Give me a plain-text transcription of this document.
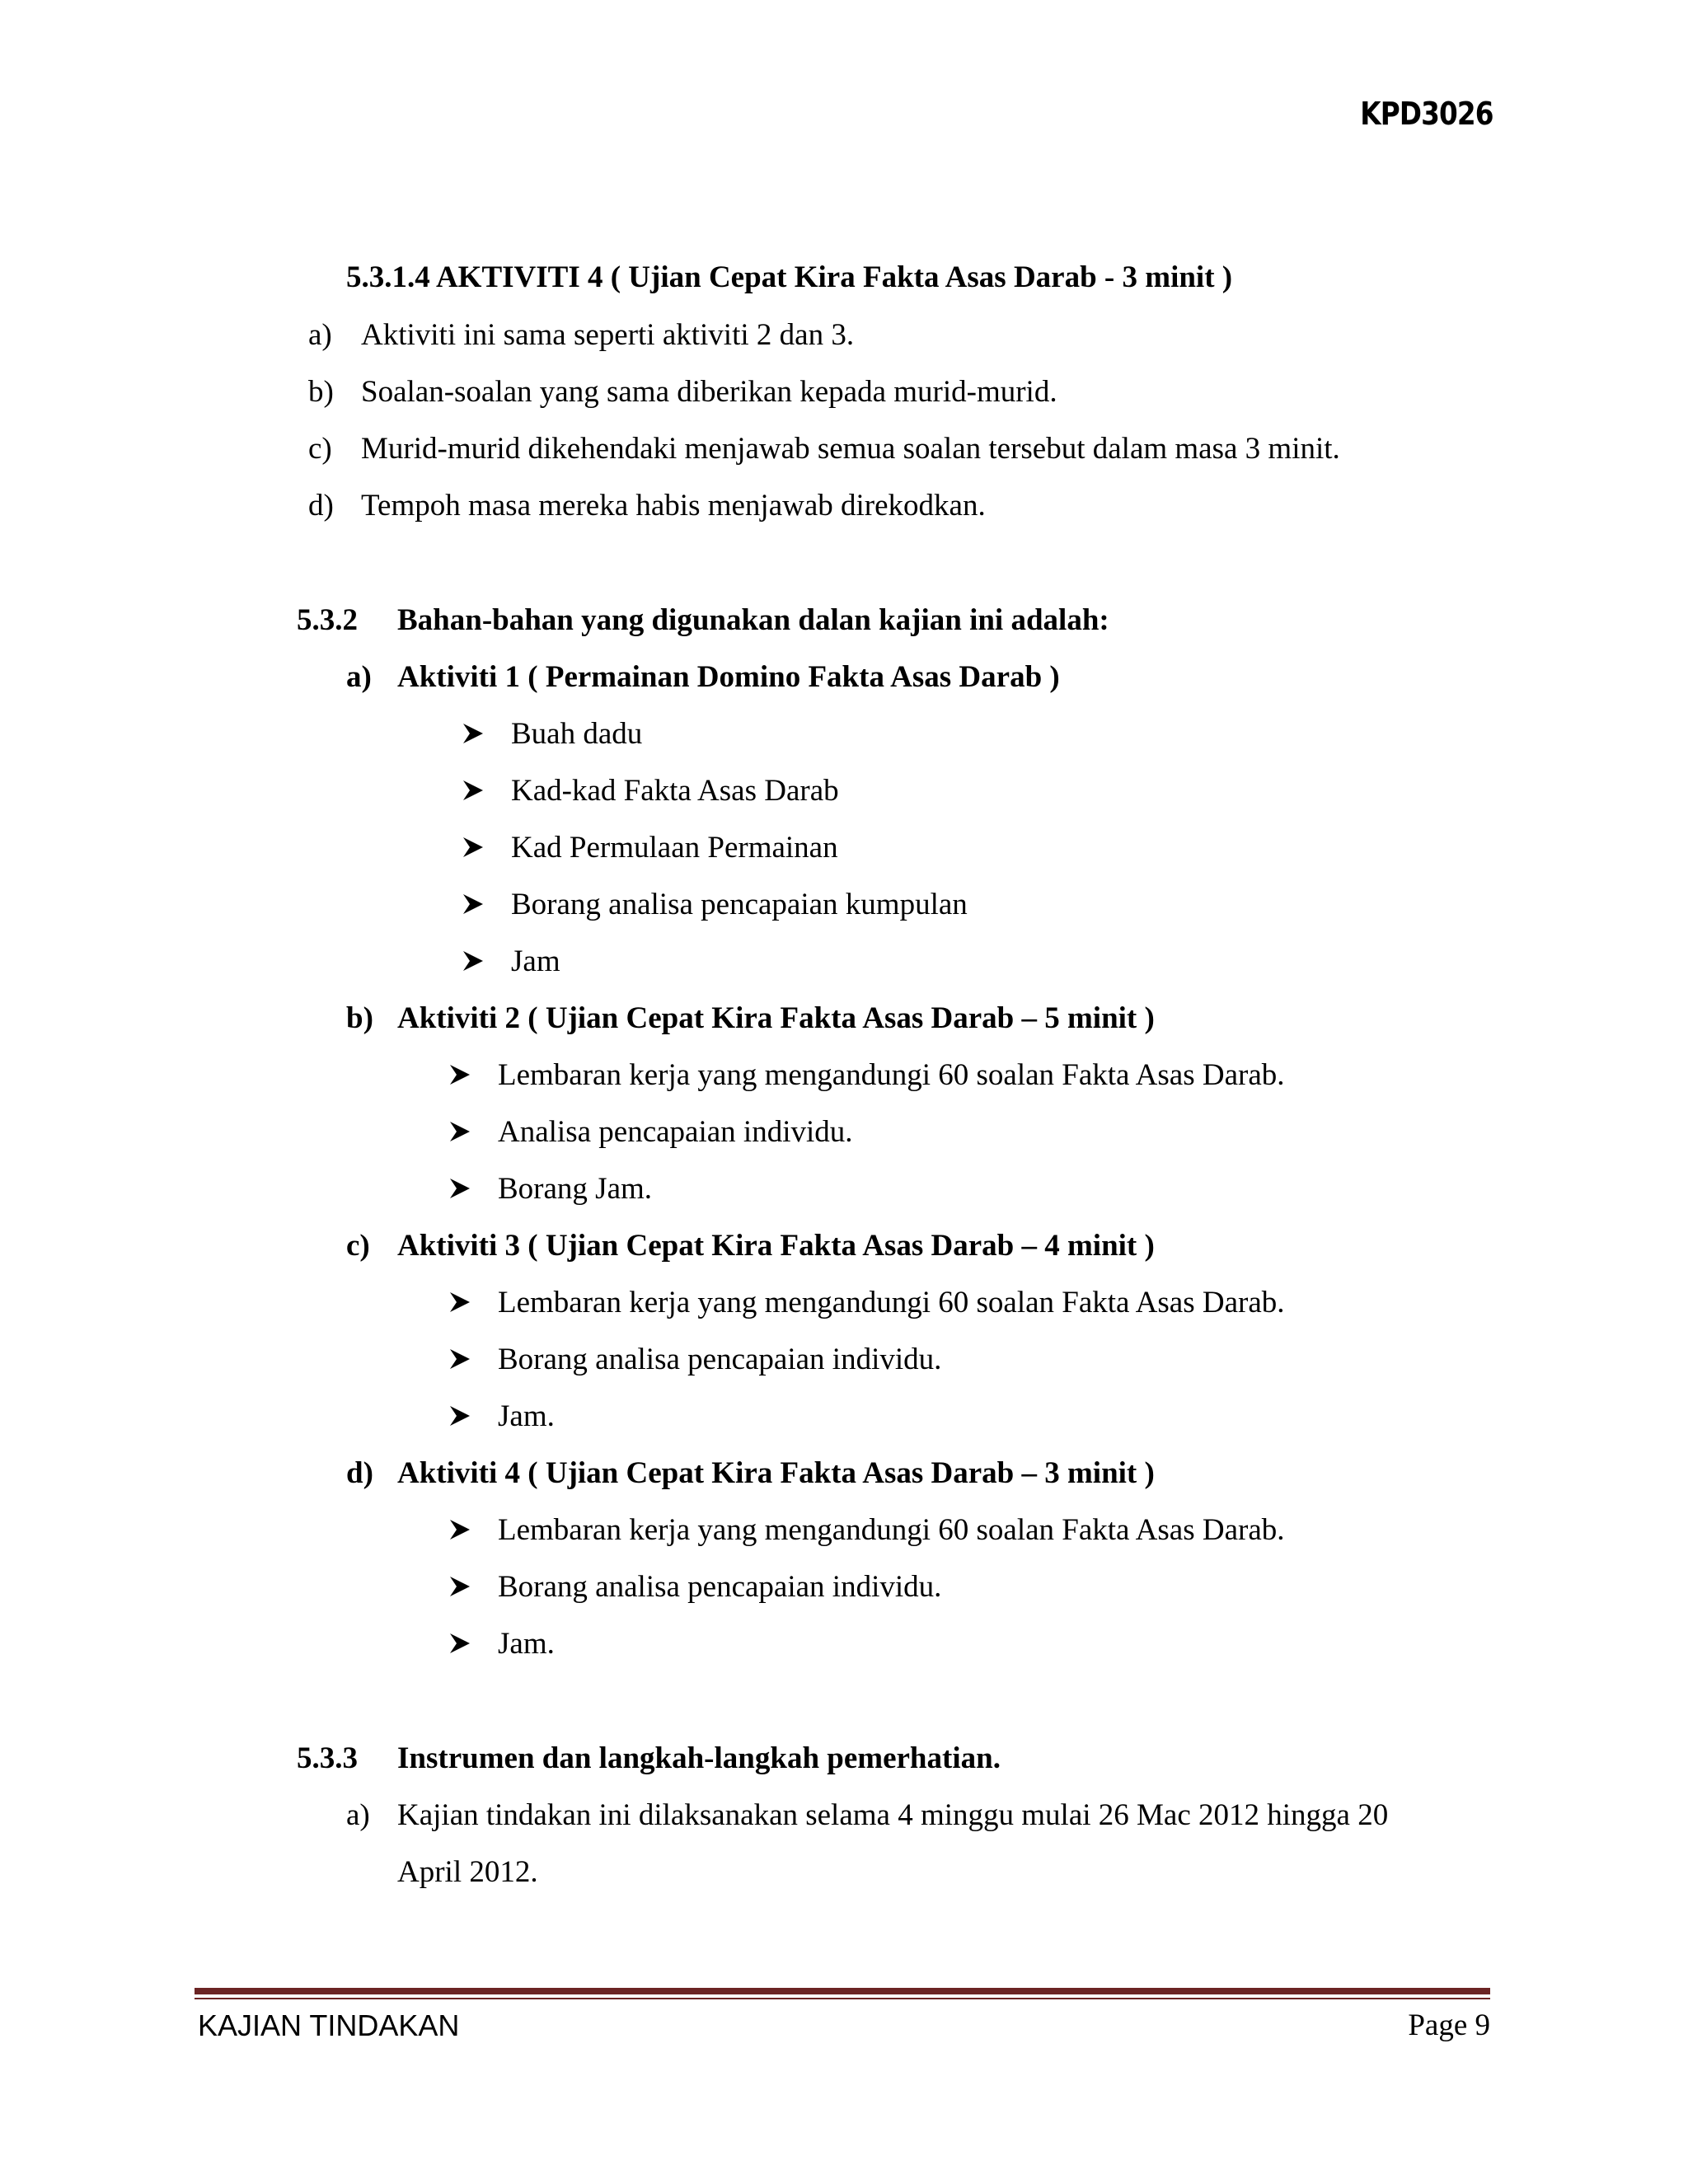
KPD3026
5.3.1.4 AKTIVITI 4 ( Ujian Cepat Kira Fakta Asas Darab - 3 minit )
a) Aktiviti ini sama seperti aktiviti 2 dan 3.
b) Soalan-soalan yang sama diberikan kepada murid-murid.
c) Murid-murid dikehendaki menjawab semua soalan tersebut dalam masa 3 minit.
d) Tempoh masa mereka habis menjawab direkodkan.
5.3.2 Bahan-bahan yang digunakan dalan kajian ini adalah:
a) Aktiviti 1 ( Permainan Domino Fakta Asas Darab )
Buah dadu
Kad-kad Fakta Asas Darab
Kad Permulaan Permainan
Borang analisa pencapaian kumpulan
Jam
b) Aktiviti 2 ( Ujian Cepat Kira Fakta Asas Darab – 5 minit )
Lembaran kerja yang mengandungi 60 soalan Fakta Asas Darab.
Analisa pencapaian individu.
Borang Jam.
c) Aktiviti 3 ( Ujian Cepat Kira Fakta Asas Darab – 4 minit )
Lembaran kerja yang mengandungi 60 soalan Fakta Asas Darab.
Borang analisa pencapaian individu.
Jam.
d) Aktiviti 4 ( Ujian Cepat Kira Fakta Asas Darab – 3 minit )
Lembaran kerja yang mengandungi 60 soalan Fakta Asas Darab.
Borang analisa pencapaian individu.
Jam.
5.3.3 Instrumen dan langkah-langkah pemerhatian.
a) Kajian tindakan ini dilaksanakan selama 4 minggu mulai 26 Mac 2012 hingga 20
April 2012.
KAJIAN TINDAKAN	Page 9
